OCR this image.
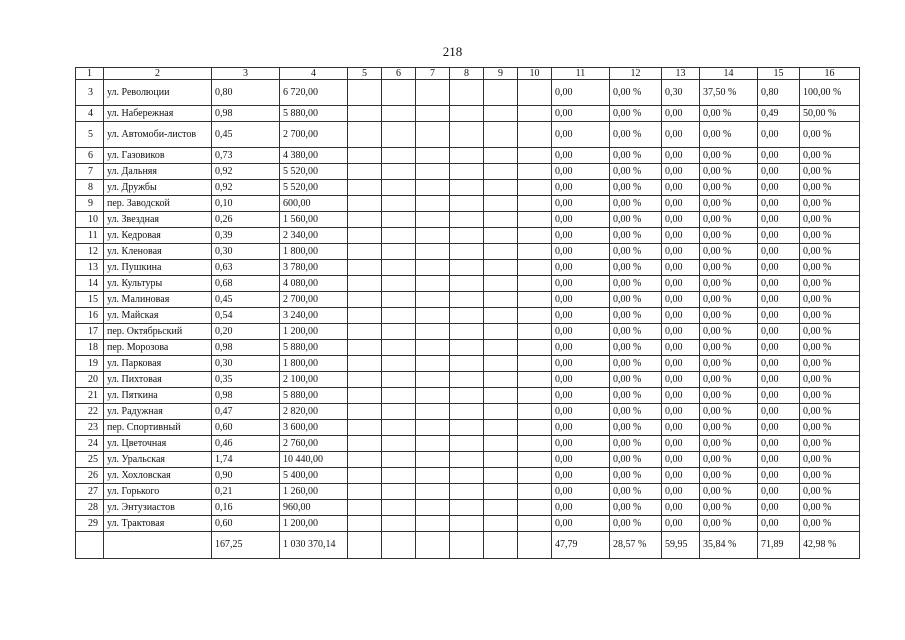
218
1	2	3	4	5	6	7	8	9	10	11	12	13	14	15	16
3	ул. Революции	0,80	6 720,00							0,00	0,00 %	0,30	37,50 %	0,80	100,00 %
4	ул. Набережная	0,98	5 880,00							0,00	0,00 %	0,00	0,00 %	0,49	50,00 %
5	ул. Автомоби-листов	0,45	2 700,00							0,00	0,00 %	0,00	0,00 %	0,00	0,00 %
6	ул. Газовиков	0,73	4 380,00							0,00	0,00 %	0,00	0,00 %	0,00	0,00 %
7	ул. Дальняя	0,92	5 520,00							0,00	0,00 %	0,00	0,00 %	0,00	0,00 %
8	ул. Дружбы	0,92	5 520,00							0,00	0,00 %	0,00	0,00 %	0,00	0,00 %
9	пер. Заводской	0,10	600,00							0,00	0,00 %	0,00	0,00 %	0,00	0,00 %
10	ул. Звездная	0,26	1 560,00							0,00	0,00 %	0,00	0,00 %	0,00	0,00 %
11	ул. Кедровая	0,39	2 340,00							0,00	0,00 %	0,00	0,00 %	0,00	0,00 %
12	ул. Кленовая	0,30	1 800,00							0,00	0,00 %	0,00	0,00 %	0,00	0,00 %
13	ул. Пушкина	0,63	3 780,00							0,00	0,00 %	0,00	0,00 %	0,00	0,00 %
14	ул. Культуры	0,68	4 080,00							0,00	0,00 %	0,00	0,00 %	0,00	0,00 %
15	ул. Малиновая	0,45	2 700,00							0,00	0,00 %	0,00	0,00 %	0,00	0,00 %
16	ул. Майская	0,54	3 240,00							0,00	0,00 %	0,00	0,00 %	0,00	0,00 %
17	пер. Октябрьский	0,20	1 200,00							0,00	0,00 %	0,00	0,00 %	0,00	0,00 %
18	пер. Морозова	0,98	5 880,00							0,00	0,00 %	0,00	0,00 %	0,00	0,00 %
19	ул. Парковая	0,30	1 800,00							0,00	0,00 %	0,00	0,00 %	0,00	0,00 %
20	ул. Пихтовая	0,35	2 100,00							0,00	0,00 %	0,00	0,00 %	0,00	0,00 %
21	ул. Пяткина	0,98	5 880,00							0,00	0,00 %	0,00	0,00 %	0,00	0,00 %
22	ул. Радужная	0,47	2 820,00							0,00	0,00 %	0,00	0,00 %	0,00	0,00 %
23	пер. Спортивный	0,60	3 600,00							0,00	0,00 %	0,00	0,00 %	0,00	0,00 %
24	ул. Цветочная	0,46	2 760,00							0,00	0,00 %	0,00	0,00 %	0,00	0,00 %
25	ул. Уральская	1,74	10 440,00							0,00	0,00 %	0,00	0,00 %	0,00	0,00 %
26	ул. Хохловская	0,90	5 400,00							0,00	0,00 %	0,00	0,00 %	0,00	0,00 %
27	ул. Горького	0,21	1 260,00							0,00	0,00 %	0,00	0,00 %	0,00	0,00 %
28	ул. Энтузиастов	0,16	960,00							0,00	0,00 %	0,00	0,00 %	0,00	0,00 %
29	ул. Трактовая	0,60	1 200,00							0,00	0,00 %	0,00	0,00 %	0,00	0,00 %
		167,25	1 030 370,14							47,79	28,57 %	59,95	35,84 %	71,89	42,98 %
